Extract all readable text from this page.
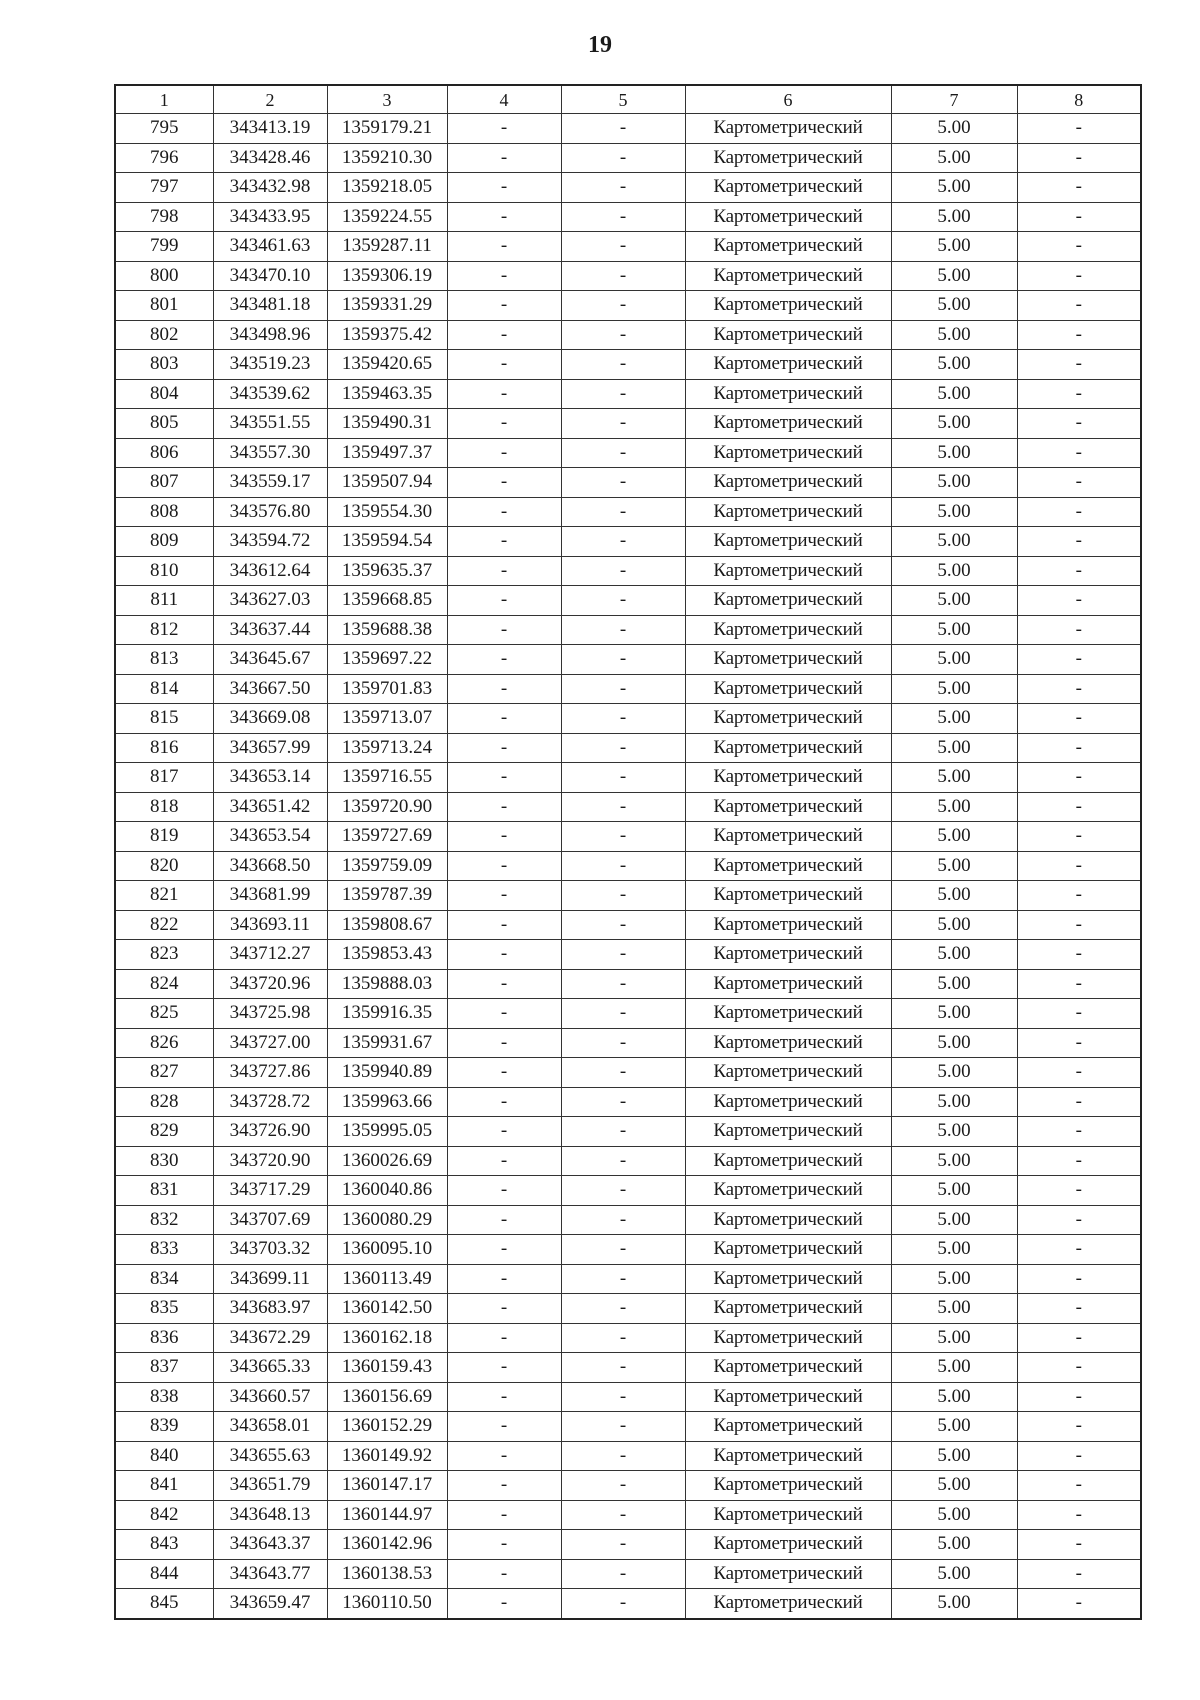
19
1	2	3	4	5	6	7	8
795	343413.19	1359179.21	-	-	Картометрический	5.00	-
796	343428.46	1359210.30	-	-	Картометрический	5.00	-
797	343432.98	1359218.05	-	-	Картометрический	5.00	-
798	343433.95	1359224.55	-	-	Картометрический	5.00	-
799	343461.63	1359287.11	-	-	Картометрический	5.00	-
800	343470.10	1359306.19	-	-	Картометрический	5.00	-
801	343481.18	1359331.29	-	-	Картометрический	5.00	-
802	343498.96	1359375.42	-	-	Картометрический	5.00	-
803	343519.23	1359420.65	-	-	Картометрический	5.00	-
804	343539.62	1359463.35	-	-	Картометрический	5.00	-
805	343551.55	1359490.31	-	-	Картометрический	5.00	-
806	343557.30	1359497.37	-	-	Картометрический	5.00	-
807	343559.17	1359507.94	-	-	Картометрический	5.00	-
808	343576.80	1359554.30	-	-	Картометрический	5.00	-
809	343594.72	1359594.54	-	-	Картометрический	5.00	-
810	343612.64	1359635.37	-	-	Картометрический	5.00	-
811	343627.03	1359668.85	-	-	Картометрический	5.00	-
812	343637.44	1359688.38	-	-	Картометрический	5.00	-
813	343645.67	1359697.22	-	-	Картометрический	5.00	-
814	343667.50	1359701.83	-	-	Картометрический	5.00	-
815	343669.08	1359713.07	-	-	Картометрический	5.00	-
816	343657.99	1359713.24	-	-	Картометрический	5.00	-
817	343653.14	1359716.55	-	-	Картометрический	5.00	-
818	343651.42	1359720.90	-	-	Картометрический	5.00	-
819	343653.54	1359727.69	-	-	Картометрический	5.00	-
820	343668.50	1359759.09	-	-	Картометрический	5.00	-
821	343681.99	1359787.39	-	-	Картометрический	5.00	-
822	343693.11	1359808.67	-	-	Картометрический	5.00	-
823	343712.27	1359853.43	-	-	Картометрический	5.00	-
824	343720.96	1359888.03	-	-	Картометрический	5.00	-
825	343725.98	1359916.35	-	-	Картометрический	5.00	-
826	343727.00	1359931.67	-	-	Картометрический	5.00	-
827	343727.86	1359940.89	-	-	Картометрический	5.00	-
828	343728.72	1359963.66	-	-	Картометрический	5.00	-
829	343726.90	1359995.05	-	-	Картометрический	5.00	-
830	343720.90	1360026.69	-	-	Картометрический	5.00	-
831	343717.29	1360040.86	-	-	Картометрический	5.00	-
832	343707.69	1360080.29	-	-	Картометрический	5.00	-
833	343703.32	1360095.10	-	-	Картометрический	5.00	-
834	343699.11	1360113.49	-	-	Картометрический	5.00	-
835	343683.97	1360142.50	-	-	Картометрический	5.00	-
836	343672.29	1360162.18	-	-	Картометрический	5.00	-
837	343665.33	1360159.43	-	-	Картометрический	5.00	-
838	343660.57	1360156.69	-	-	Картометрический	5.00	-
839	343658.01	1360152.29	-	-	Картометрический	5.00	-
840	343655.63	1360149.92	-	-	Картометрический	5.00	-
841	343651.79	1360147.17	-	-	Картометрический	5.00	-
842	343648.13	1360144.97	-	-	Картометрический	5.00	-
843	343643.37	1360142.96	-	-	Картометрический	5.00	-
844	343643.77	1360138.53	-	-	Картометрический	5.00	-
845	343659.47	1360110.50	-	-	Картометрический	5.00	-
